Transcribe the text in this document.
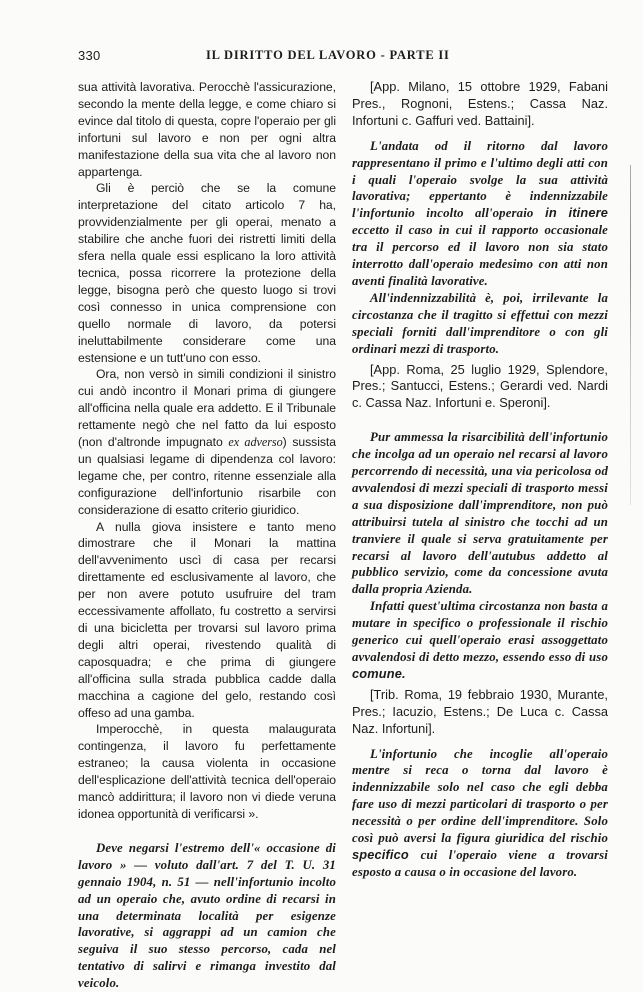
330	IL DIRITTO DEL LAVORO - PARTE II

sua attività lavorativa. Perocchè l'assicurazione, secondo la mente della legge, e come chiaro si evince dal titolo di questa, copre l'operaio per gli infortuni sul lavoro e non per ogni altra manifestazione della sua vita che al lavoro non appartenga.

Gli è perciò che se la comune interpretazione del citato articolo 7 ha, provvidenzialmente per gli operai, menato a stabilire che anche fuori dei ristretti limiti della sfera nella quale essi esplicano la loro attività tecnica, possa ricorrere la protezione della legge, bisogna però che questo luogo si trovi così connesso in unica comprensione con quello normale di lavoro, da potersi ineluttabilmente considerare come una estensione e un tutt'uno con esso.

Ora, non versò in simili condizioni il sinistro cui andò incontro il Monari prima di giungere all'officina nella quale era addetto. E il Tribunale rettamente negò che nel fatto da lui esposto (non d'altronde impugnato ex adverso) sussista un qualsiasi legame di dipendenza col lavoro: legame che, per contro, ritenne essenziale alla configurazione dell'infortunio risarbile con considerazione di esatto criterio giuridico.

A nulla giova insistere e tanto meno dimostrare che il Monari la mattina dell'avvenimento uscì di casa per recarsi direttamente ed esclusivamente al lavoro, che per non avere potuto usufruire del tram eccessivamente affollato, fu costretto a servirsi di una bicicletta per trovarsi sul lavoro prima degli altri operai, rivestendo qualità di caposquadra; e che prima di giungere all'officina sulla strada pubblica cadde dalla macchina a cagione del gelo, restando così offeso ad una gamba.

Imperocchè, in questa malaugurata contingenza, il lavoro fu perfettamente estraneo; la causa violenta in occasione dell'esplicazione dell'attività tecnica dell'operaio mancò addirittura; il lavoro non vi diede veruna idonea opportunità di verificarsi ».

Deve negarsi l'estremo dell'« occasione di lavoro » — voluto dall'art. 7 del T. U. 31 gennaio 1904, n. 51 — nell'infortunio incolto ad un operaio che, avuto ordine di recarsi in una determinata località per esigenze lavorative, si aggrappi ad un camion che seguiva il suo stesso percorso, cada nel tentativo di salirvi e rimanga investito dal veicolo.

[App. Milano, 15 ottobre 1929, Fabani Pres., Rognoni, Estens.; Cassa Naz. Infortuni c. Gaffuri ved. Battaini].

L'andata od il ritorno dal lavoro rappresentano il primo e l'ultimo degli atti con i quali l'operaio svolge la sua attività lavorativa; eppertanto è indennizzabile l'infortunio incolto all'operaio in itinere eccetto il caso in cui il rapporto occasionale tra il percorso ed il lavoro non sia stato interrotto dall'operaio medesimo con atti non aventi finalità lavorative.

All'indennizzabilità è, poi, irrilevante la circostanza che il tragitto si effettui con mezzi speciali forniti dall'imprenditore o con gli ordinari mezzi di trasporto.

[App. Roma, 25 luglio 1929, Splendore, Pres.; Santucci, Estens.; Gerardi ved. Nardi c. Cassa Naz. Infortuni e. Speroni].

Pur ammessa la risarcibilità dell'infortunio che incolga ad un operaio nel recarsi al lavoro percorrendo di necessità, una via pericolosa od avvalendosi di mezzi speciali di trasporto messi a sua disposizione dall'imprenditore, non può attribuirsi tutela al sinistro che tocchi ad un tranviere il quale si serva gratuitamente per recarsi al lavoro dell'autubus addetto al pubblico servizio, come da concessione avuta dalla propria Azienda.

Infatti quest'ultima circostanza non basta a mutare in specifico o professionale il rischio generico cui quell'operaio erasi assoggettato avvalendosi di detto mezzo, essendo esso di uso comune.

[Trib. Roma, 19 febbraio 1930, Murante, Pres.; Iacuzio, Estens.; De Luca c. Cassa Naz. Infortuni].

L'infortunio che incoglie all'operaio mentre si reca o torna dal lavoro è indennizzabile solo nel caso che egli debba fare uso di mezzi particolari di trasporto o per necessità o per ordine dell'imprenditore. Solo così può aversi la figura giuridica del rischio specifico cui l'operaio viene a trovarsi esposto a causa o in occasione del lavoro.
